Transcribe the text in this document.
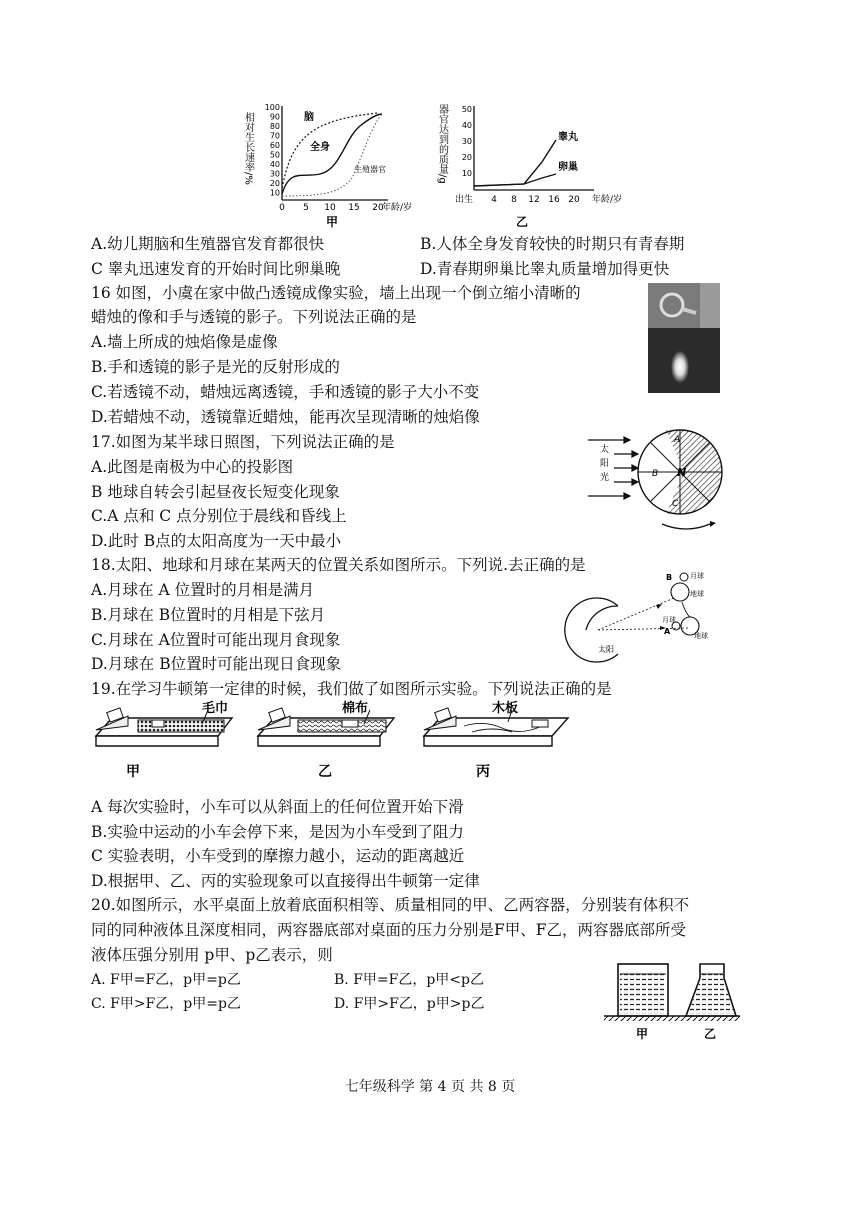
相对生长速率/%
100
90
80
70
60
50
40
30
20
10
0 5 10 15 20
年龄/岁
脑
全身
生殖器官
甲
器官达到的质量/g 50
40
30
20
10
出生 4 8 12 16 20 年龄/岁
睾丸
卵巢
乙
A.幼儿期脑和生殖器官发育都很快	B.人体全身发育较快的时期只有青春期
C 睾丸迅速发育的开始时间比卵巢晚	D.青春期卵巢比睾丸质量增加得更快
16 如图，小虞在家中做凸透镜成像实验，墙上出现一个倒立缩小清晰的
蜡烛的像和手与透镜的影子。下列说法正确的是
A.墙上所成的烛焰像是虚像
B.手和透镜的影子是光的反射形成的
C.若透镜不动，蜡烛远离透镜，手和透镜的影子大小不变
D.若蜡烛不动，透镜靠近蜡烛，能再次呈现清晰的烛焰像
17.如图为某半球日照图，下列说法正确的是
A.此图是南极为中心的投影图
B 地球自转会引起昼夜长短变化现象
C.A 点和 C 点分别位于晨线和昏线上
D.此时 B点的太阳高度为一天中最小
太
阳
光
A
B
C
N
18.太阳、地球和月球在某两天的位置关系如图所示。下列说.去正确的是
A.月球在 A 位置时的月相是满月
B.月球在 B位置时的月相是下弦月
C.月球在 A位置时可能出现月食现象
D.月球在 B位置时可能出现日食现象
太阳
B	月球
地球
月球
A	地球
19.在学习牛顿第一定律的时候，我们做了如图所示实验。下列说法正确的是
甲
毛巾
乙
棉布
丙
木板
A 每次实验时，小车可以从斜面上的任何位置开始下滑
B.实验中运动的小车会停下来，是因为小车受到了阻力
C 实验表明，小车受到的摩擦力越小，运动的距离越近
D.根据甲、乙、丙的实验现象可以直接得出牛顿第一定律
20.如图所示，水平桌面上放着底面积相等、质量相同的甲、乙两容器，分别装有体积不
同的同种液体且深度相同，两容器底部对桌面的压力分别是F甲、F乙，两容器底部所受
液体压强分别用 p甲、p乙表示，则
A. F甲=F乙，p甲=p乙	B. F甲=F乙，p甲<p乙
C. F甲>F乙，p甲=p乙	D. F甲>F乙，p甲>p乙
甲	乙
七年级科学 第 4 页 共 8 页
